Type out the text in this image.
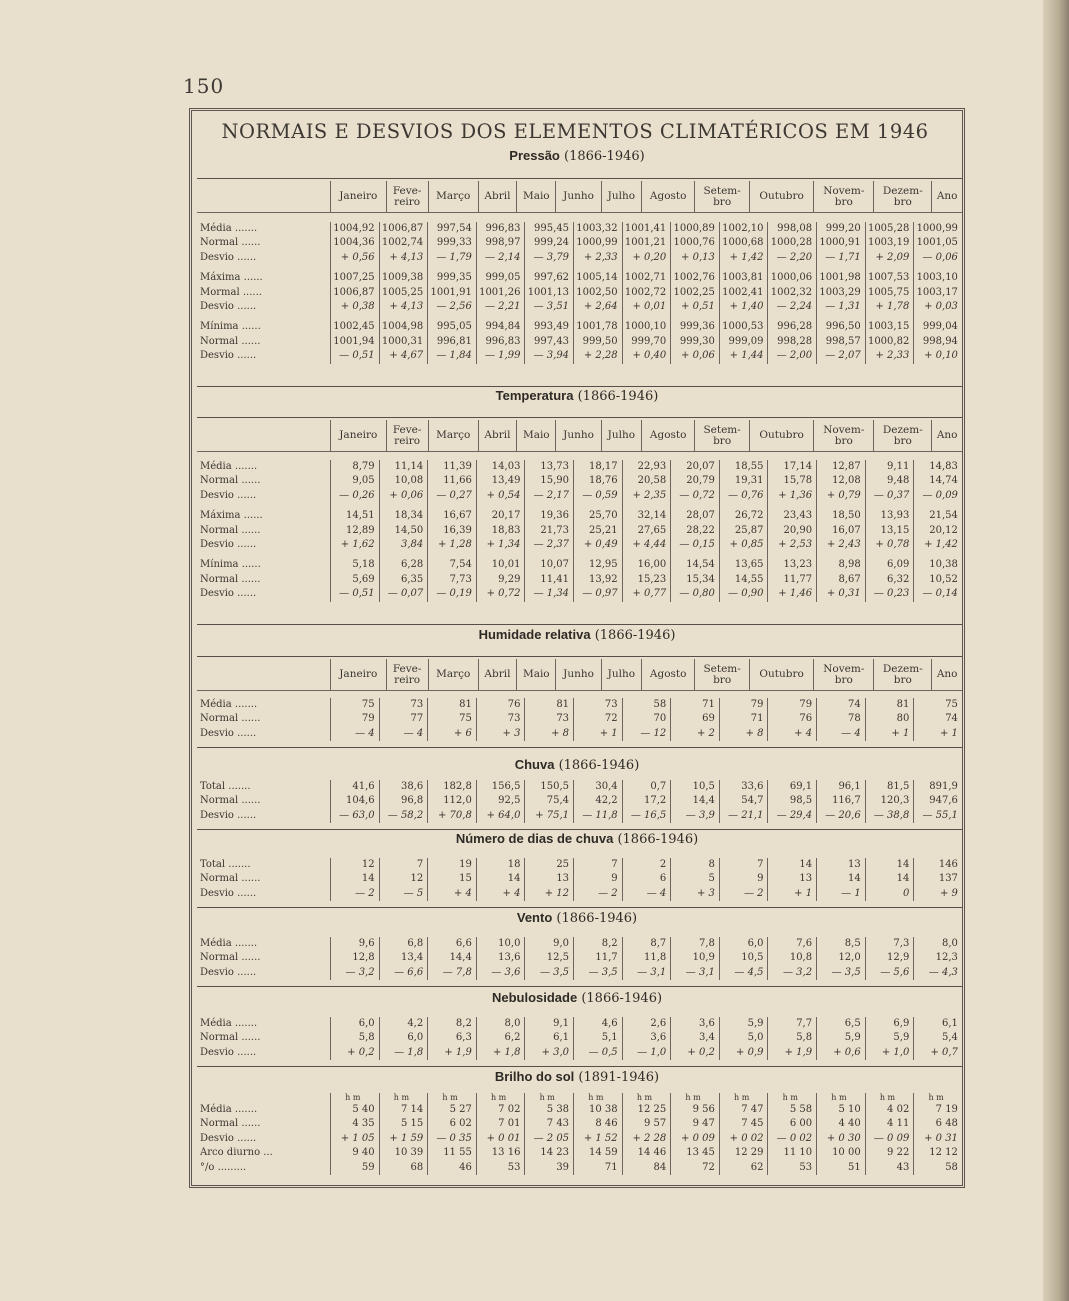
150
NORMAIS E DESVIOS DOS ELEMENTOS CLIMATÉRICOS EM 1946
Pressão (1866-1946)
	Janeiro	Feve-
reiro	Março	Abril	Maio	Junho	Julho	Agosto	Setem-
bro	Outubro	Novem-
bro	Dezem-
bro	Ano
Média .......	1004,92 1006,87	997,54	996,83	995,45 1003,32 1001,41 1000,89 1002,10	998,08	999,20 1005,28 1000,99
Normal ......	1004,36 1002,74	999,33	998,97	999,24 1000,99 1001,21 1000,76 1000,68 1000,28 1000,91 1003,19 1001,05
Desvio ......	+ 0,56	+ 4,13	— 1,79	— 2,14	— 3,79	+ 2,33	+ 0,20	+ 0,13	+ 1,42	— 2,20	— 1,71	+ 2,09	— 0,06
Máxima ......	1007,25 1009,38	999,35	999,05	997,62 1005,14 1002,71 1002,76 1003,81 1000,06 1001,98 1007,53 1003,10
Mormal ......	1006,87 1005,25 1001,91 1001,26 1001,13 1002,50 1002,72 1002,25 1002,41 1002,32 1003,29 1005,75 1003,17
Desvio ......	+ 0,38	+ 4,13	— 2,56	— 2,21	— 3,51	+ 2,64	+ 0,01	+ 0,51	+ 1,40	— 2,24	— 1,31	+ 1,78	+ 0,03
Mínima ......	1002,45 1004,98	995,05	994,84	993,49 1001,78 1000,10	999,36 1000,53	996,28	996,50 1003,15	999,04
Normal ......	1001,94 1000,31	996,81	996,83	997,43	999,50	999,70	999,30	999,09	998,28	998,57 1000,82	998,94
Desvio ......	— 0,51	+ 4,67	— 1,84	— 1,99	— 3,94	+ 2,28	+ 0,40	+ 0,06	+ 1,44	— 2,00	— 2,07	+ 2,33	+ 0,10
Temperatura (1866-1946)
	Janeiro	Feve-
reiro	Março	Abril	Maio	Junho	Julho	Agosto	Setem-
bro	Outubro	Novem-
bro	Dezem-
bro	Ano
Média .......	8,79	11,14	11,39	14,03	13,73	18,17	22,93	20,07	18,55	17,14	12,87	9,11	14,83
Normal ......	9,05	10,08	11,66	13,49	15,90	18,76	20,58	20,79	19,31	15,78	12,08	9,48	14,74
Desvio ......	— 0,26	+ 0,06	— 0,27	+ 0,54	— 2,17	— 0,59	+ 2,35	— 0,72	— 0,76	+ 1,36	+ 0,79	— 0,37	— 0,09
Máxima ......	14,51	18,34	16,67	20,17	19,36	25,70	32,14	28,07	26,72	23,43	18,50	13,93	21,54
Normal ......	12,89	14,50	16,39	18,83	21,73	25,21	27,65	28,22	25,87	20,90	16,07	13,15	20,12
Desvio ......	+ 1,62	3,84	+ 1,28	+ 1,34	— 2,37	+ 0,49	+ 4,44	— 0,15	+ 0,85	+ 2,53	+ 2,43	+ 0,78	+ 1,42
Mínima ......	5,18	6,28	7,54	10,01	10,07	12,95	16,00	14,54	13,65	13,23	8,98	6,09	10,38
Normal ......	5,69	6,35	7,73	9,29	11,41	13,92	15,23	15,34	14,55	11,77	8,67	6,32	10,52
Desvio ......	— 0,51	— 0,07	— 0,19	+ 0,72	— 1,34	— 0,97	+ 0,77	— 0,80	— 0,90	+ 1,46	+ 0,31	— 0,23	— 0,14
Humidade relativa (1866-1946)
	Janeiro	Feve-
reiro	Março	Abril	Maio	Junho	Julho	Agosto	Setem-
bro	Outubro	Novem-
bro	Dezem-
bro	Ano
Média .......	75	73	81	76	81	73	58	71	79	79	74	81	75
Normal ......	79	77	75	73	73	72	70	69	71	76	78	80	74
Desvio ......	— 4	— 4	+ 6	+ 3	+ 8	+ 1	— 12	+ 2	+ 8	+ 4	— 4	+ 1	+ 1
Chuva (1866-1946)
Total .......	41,6	38,6	182,8	156,5	150,5	30,4	0,7	10,5	33,6	69,1	96,1	81,5	891,9
Normal ......	104,6	96,8	112,0	92,5	75,4	42,2	17,2	14,4	54,7	98,5	116,7	120,3	947,6
Desvio ......	— 63,0	— 58,2	+ 70,8	+ 64,0	+ 75,1	— 11,8	— 16,5	— 3,9	— 21,1	— 29,4	— 20,6	— 38,8	— 55,1
Número de dias de chuva (1866-1946)
Total .......	12	7	19	18	25	7	2	8	7	14	13	14	146
Normal ......	14	12	15	14	13	9	6	5	9	13	14	14	137
Desvio ......	— 2	— 5	+ 4	+ 4	+ 12	— 2	— 4	+ 3	— 2	+ 1	— 1	0	+ 9
Vento (1866-1946)
Média .......	9,6	6,8	6,6	10,0	9,0	8,2	8,7	7,8	6,0	7,6	8,5	7,3	8,0
Normal ......	12,8	13,4	14,4	13,6	12,5	11,7	11,8	10,9	10,5	10,8	12,0	12,9	12,3
Desvio ......	— 3,2	— 6,6	— 7,8	— 3,6	— 3,5	— 3,5	— 3,1	— 3,1	— 4,5	— 3,2	— 3,5	— 5,6	— 4,3
Nebulosidade (1866-1946)
Média .......	6,0	4,2	8,2	8,0	9,1	4,6	2,6	3,6	5,9	7,7	6,5	6,9	6,1
Normal ......	5,8	6,0	6,3	6,2	6,1	5,1	3,6	3,4	5,0	5,8	5,9	5,9	5,4
Desvio ......	+ 0,2	— 1,8	+ 1,9	+ 1,8	+ 3,0	— 0,5	— 1,0	+ 0,2	+ 0,9	+ 1,9	+ 0,6	+ 1,0	+ 0,7
Brilho do sol (1891-1946)
h m	h m	h m	h m	h m	h m	h m	h m	h m	h m	h m	h m	h m
Média .......	5 40	7 14	5 27	7 02	5 38	10 38	12 25	9 56	7 47	5 58	5 10	4 02	7 19
Normal ......	4 35	5 15	6 02	7 01	7 43	8 46	9 57	9 47	7 45	6 00	4 40	4 11	6 48
Desvio ......	+ 1 05	+ 1 59	— 0 35	+ 0 01	— 2 05	+ 1 52	+ 2 28	+ 0 09	+ 0 02	— 0 02	+ 0 30	— 0 09	+ 0 31
Arco diurno ...	9 40	10 39	11 55	13 16	14 23	14 59	14 46	13 45	12 29	11 10	10 00	9 22	12 12
°/o .........	59	68	46	53	39	71	84	72	62	53	51	43	58
